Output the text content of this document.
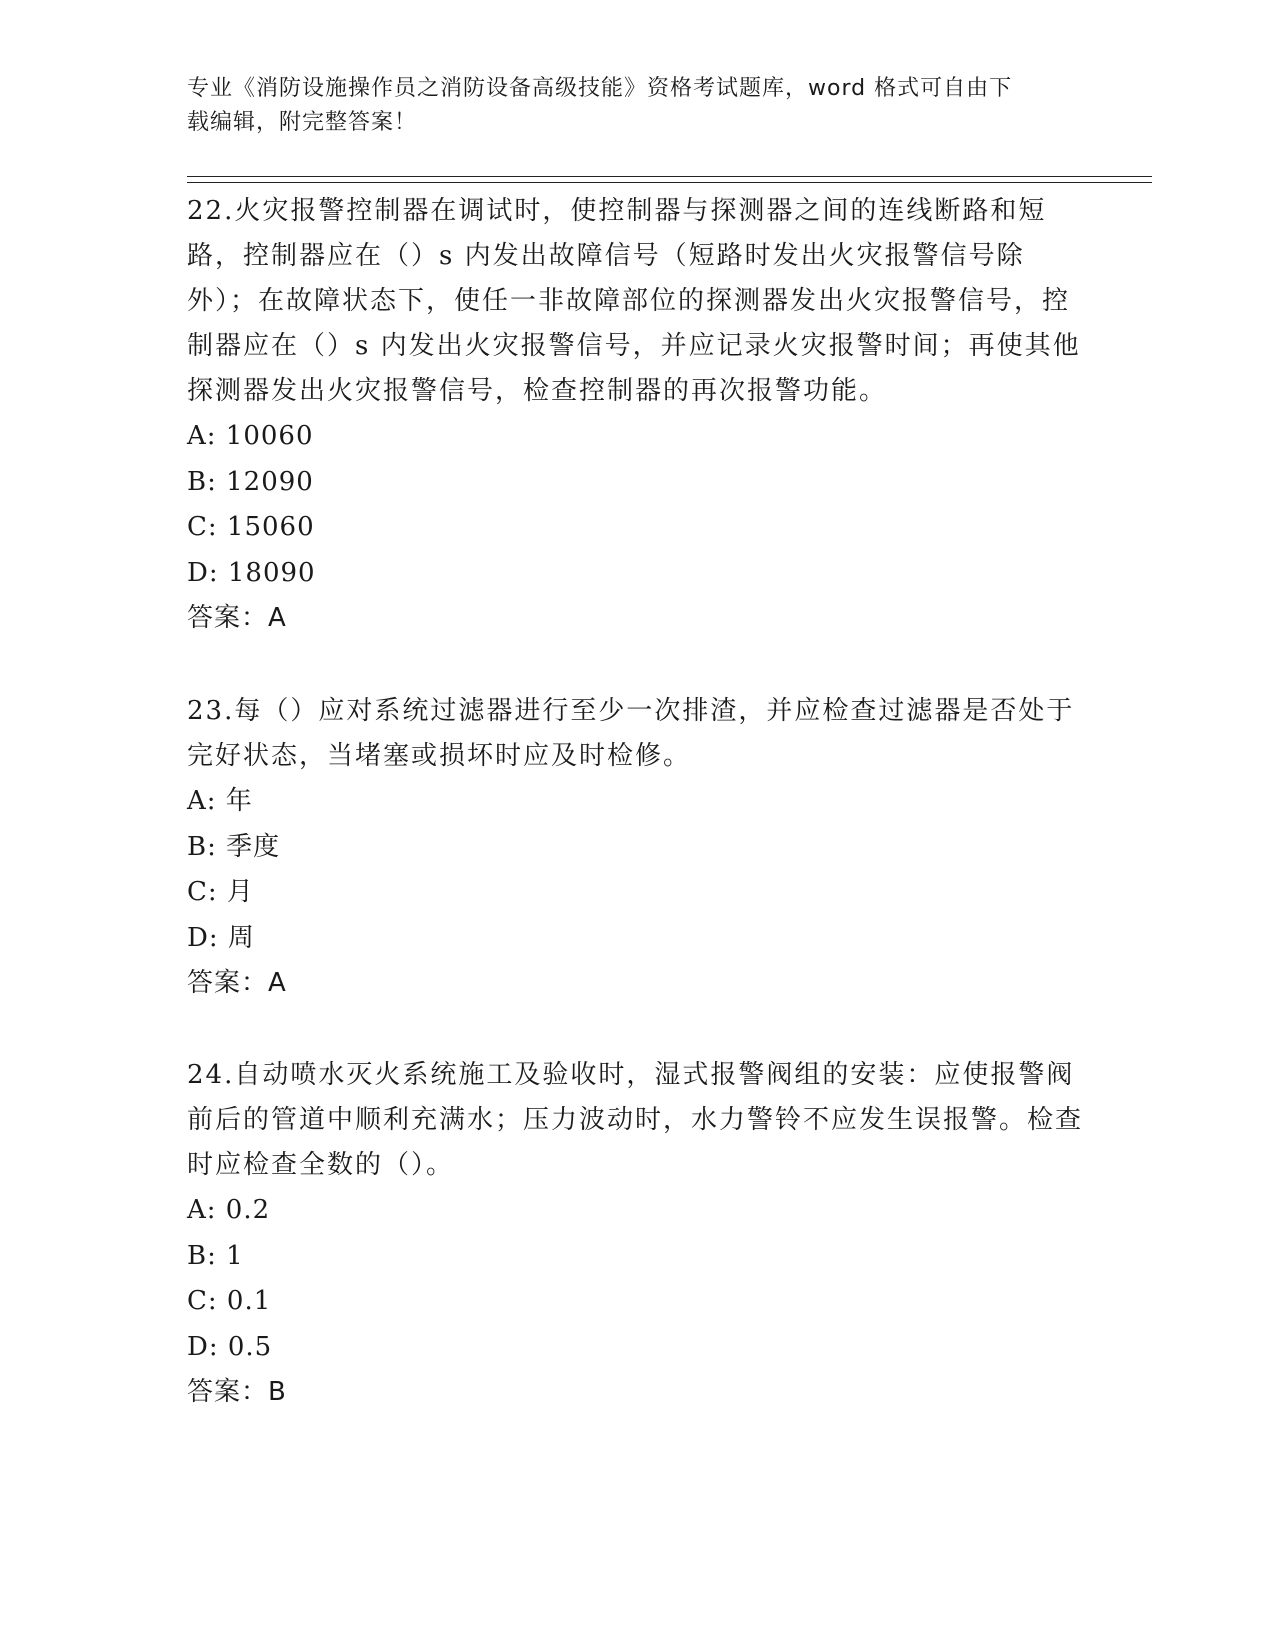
专业《消防设施操作员之消防设备高级技能》资格考试题库，word 格式可自由下
载编辑，附完整答案！

22.火灾报警控制器在调试时，使控制器与探测器之间的连线断路和短路，控制器应在（）s 内发出故障信号（短路时发出火灾报警信号除外）；在故障状态下，使任一非故障部位的探测器发出火灾报警信号，控制器应在（）s 内发出火灾报警信号，并应记录火灾报警时间；再使其他探测器发出火灾报警信号，检查控制器的再次报警功能。

A: 10060

B: 12090

C: 15060

D: 18090

答案：A

23.每（）应对系统过滤器进行至少一次排渣，并应检查过滤器是否处于完好状态，当堵塞或损坏时应及时检修。

A: 年

B: 季度

C: 月

D: 周

答案：A

24.自动喷水灭火系统施工及验收时，湿式报警阀组的安装：应使报警阀前后的管道中顺利充满水；压力波动时，水力警铃不应发生误报警。检查时应检查全数的（）。

A: 0.2

B: 1

C: 0.1

D: 0.5

答案：B
